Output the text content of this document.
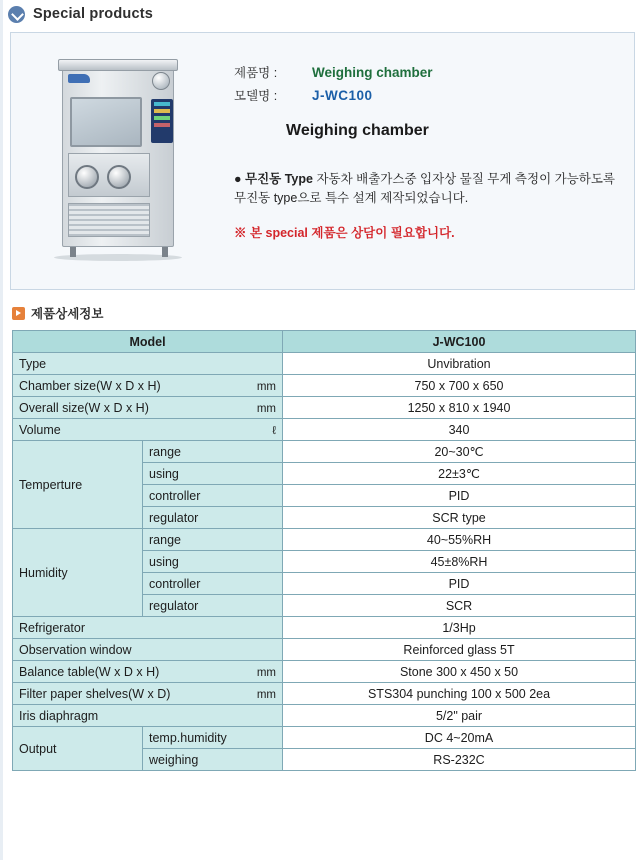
Special products
제품명 :	Weighing chamber
모델명 :	J-WC100
Weighing chamber

● 무진동 Type 자동차 배출가스중 입자상 물질 무게 측정이 가능하도록 무진동 type으로 특수 설계 제작되었습니다.

※ 본 special 제품은 상담이 필요합니다.

제품상세정보
Model		J-WC100

Type		Unvibration

Chamber size(W x D x H) mm		750 x 700 x 650

Overall size(W x D x H) mm		1250 x 810 x 1940

Volume ℓ		340
Temperture	range	20~30℃
	using	22±3℃
	controller	PID
	regulator	SCR type
Humidity	range	40~55%RH
	using	45±8%RH
	controller	PID
	regulator	SCR

Refrigerator		1/3Hp

Observation window		Reinforced glass 5T

Balance table(W x D x H) mm		Stone 300 x 450 x 50

Filter paper shelves(W x D) mm		STS304 punching 100 x 500 2ea

Iris diaphragm		5/2" pair
Output	temp.humidity	DC 4~20mA
	weighing	RS-232C
